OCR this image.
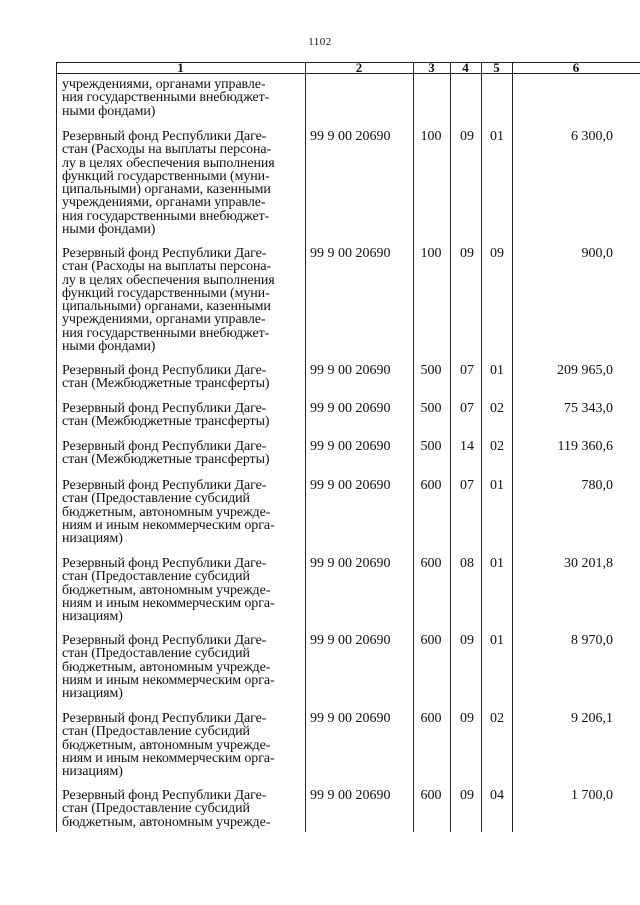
1102
1	2	3	4	5	6
учреждениями, органами управле-
ния государственными внебюджет-
ными фондами)
Резервный фонд Республики Даге-
стан (Расходы на выплаты персона-
лу в целях обеспечения выполнения
функций государственными (муни-
ципальными) органами, казенными
учреждениями, органами управле-
ния государственными внебюджет-
ными фондами)
99 9 00 20690	100	09	01	6 300,0
Резервный фонд Республики Даге-
стан (Расходы на выплаты персона-
лу в целях обеспечения выполнения
функций государственными (муни-
ципальными) органами, казенными
учреждениями, органами управле-
ния государственными внебюджет-
ными фондами)
99 9 00 20690	100	09	09	900,0
Резервный фонд Республики Даге-
стан (Межбюджетные трансферты)
99 9 00 20690	500	07	01	209 965,0
Резервный фонд Республики Даге-
стан (Межбюджетные трансферты)
99 9 00 20690	500	07	02	75 343,0
Резервный фонд Республики Даге-
стан (Межбюджетные трансферты)
99 9 00 20690	500	14	02	119 360,6
Резервный фонд Республики Даге-
стан (Предоставление субсидий
бюджетным, автономным учрежде-
ниям и иным некоммерческим орга-
низациям)
99 9 00 20690	600	07	01	780,0
Резервный фонд Республики Даге-
стан (Предоставление субсидий
бюджетным, автономным учрежде-
ниям и иным некоммерческим орга-
низациям)
99 9 00 20690	600	08	01	30 201,8
Резервный фонд Республики Даге-
стан (Предоставление субсидий
бюджетным, автономным учрежде-
ниям и иным некоммерческим орга-
низациям)
99 9 00 20690	600	09	01	8 970,0
Резервный фонд Республики Даге-
стан (Предоставление субсидий
бюджетным, автономным учрежде-
ниям и иным некоммерческим орга-
низациям)
99 9 00 20690	600	09	02	9 206,1
Резервный фонд Республики Даге-
стан (Предоставление субсидий
бюджетным, автономным учрежде-
99 9 00 20690	600	09	04	1 700,0
